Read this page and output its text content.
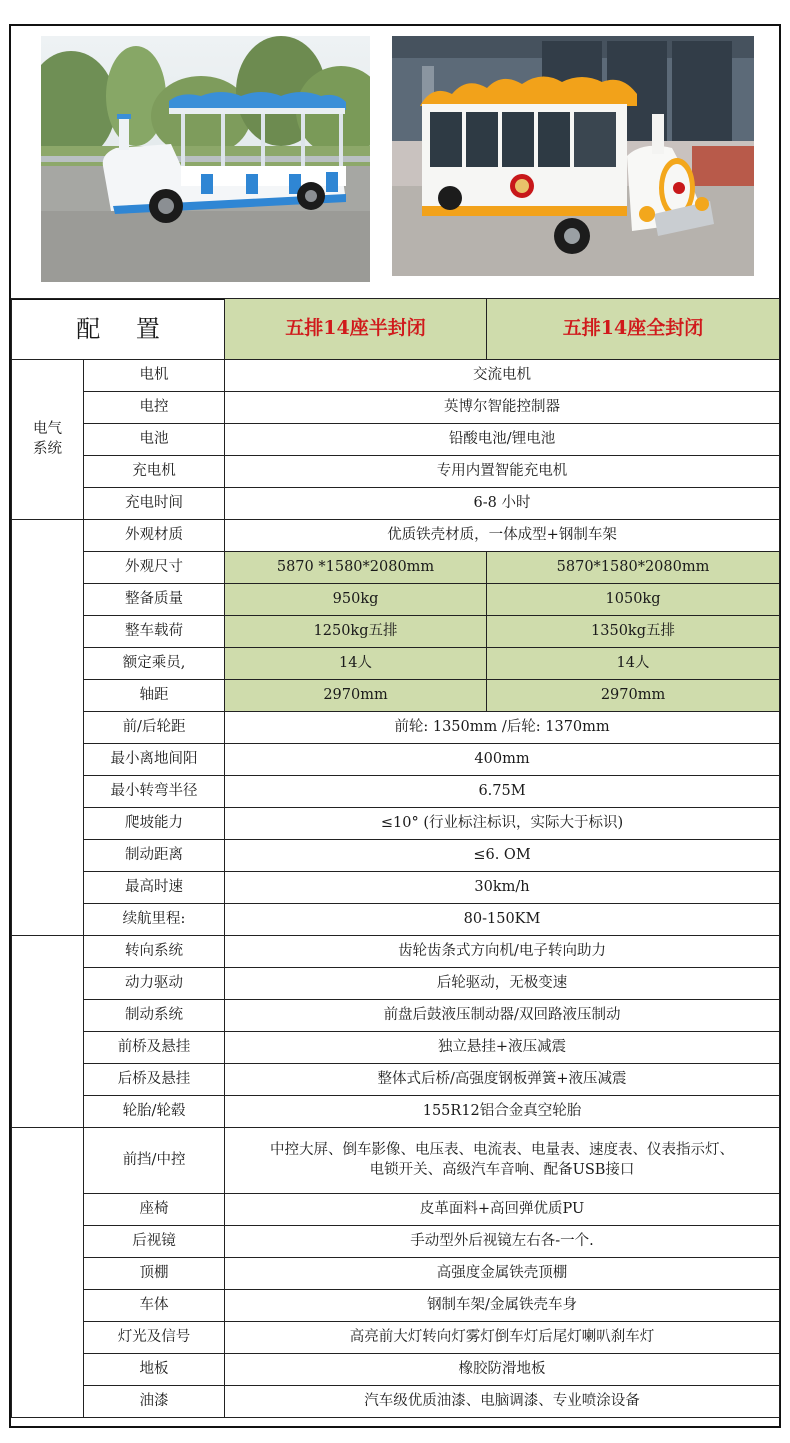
配 置		五排14座半封闭	五排14座全封闭
电气
系统	电机	交流电机	
	电控	英博尔智能控制器	
	电池	铅酸电池/锂电池	
	充电机	专用内置智能充电机	
	充电时间	6-8 小时	
	外观材质	优质铁壳材质，一体成型+钢制车架	
	外观尺寸	5870 *1580*2080mm	5870*1580*2080mm
	整备质量	950kg	1050kg
	整车载荷	1250kg五排	1350kg五排
	额定乘员,	14人	14人
	轴距	2970mm	2970mm
	前/后轮距	前轮: 1350mm /后轮: 1370mm	
	最小离地间阳	400mm	
	最小转弯半径	6.75M	
	爬坡能力	≤10° (行业标注标识，实际大于标识)	
	制动距离	≤6. OM	
	最高时速	30km/h	
	续航里程:	80-150KM	
	转向系统	齿轮齿条式方向机/电子转向助力	
	动力驱动	后轮驱动，无极变速	
	制动系统	前盘后鼓液压制动器/双回路液压制动	
	前桥及悬挂	独立悬挂+液压减震	
	后桥及悬挂	整体式后桥/高强度钢板弹簧+液压减震	
	轮胎/轮毂	155R12铝合金真空轮胎	
	前挡/中控	中控大屏、倒车影像、电压表、电流表、电量表、速度表、仪表指示灯、
电锁开关、高级汽车音响、配备USB接口	
	座椅	皮革面料+高回弹优质PU	
	后视镜	手动型外后视镜左右各-一个.	
	顶棚	高强度金属铁壳顶棚	
	车体	钢制车架/金属铁壳车身	
	灯光及信号	高亮前大灯转向灯雾灯倒车灯后尾灯喇叭刹车灯	
	地板	橡胶防滑地板	
	油漆	汽车级优质油漆、电脑调漆、专业喷涂设备	
